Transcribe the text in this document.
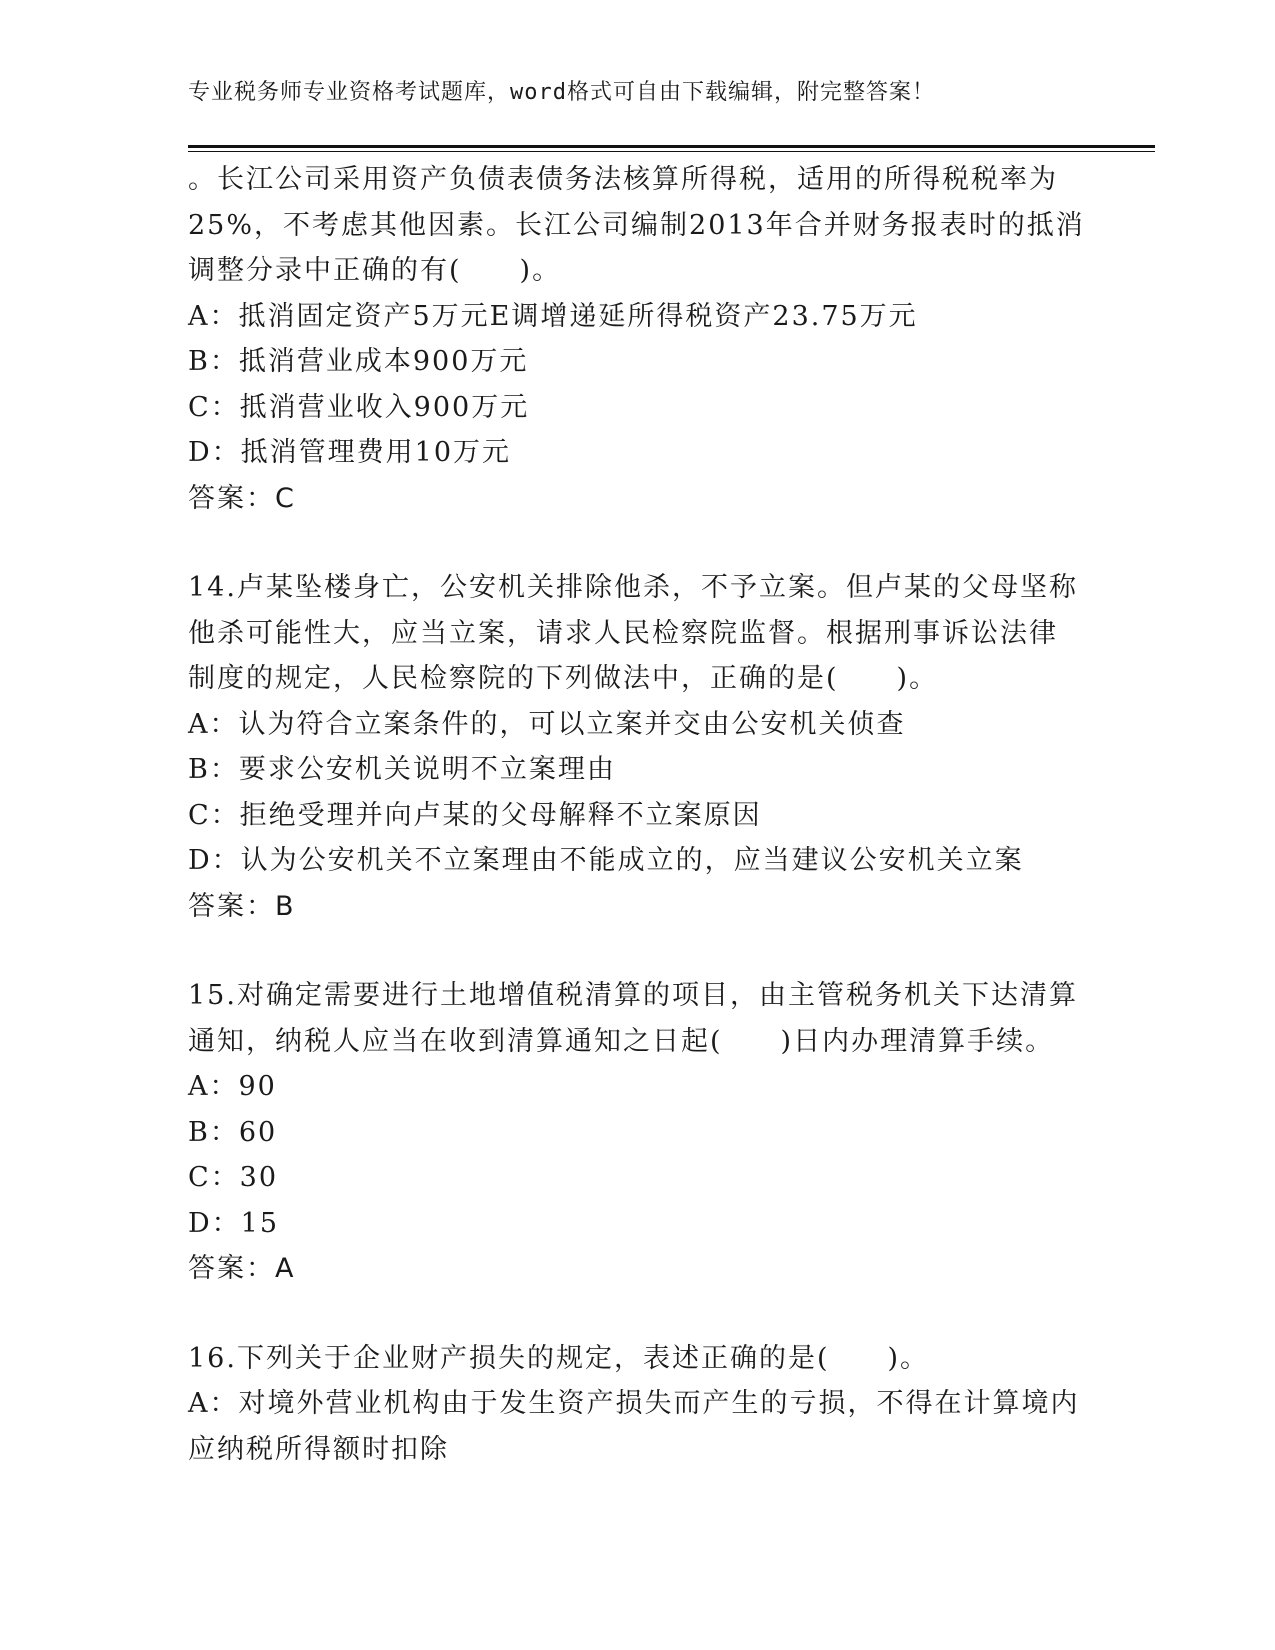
专业税务师专业资格考试题库，word格式可自由下载编辑，附完整答案！
。长江公司采用资产负债表债务法核算所得税，适用的所得税税率为
25%，不考虑其他因素。长江公司编制2013年合并财务报表时的抵消
调整分录中正确的有(　　)。
A：抵消固定资产5万元E调增递延所得税资产23.75万元
B：抵消营业成本900万元
C：抵消营业收入900万元
D：抵消管理费用10万元
答案：C
14.卢某坠楼身亡，公安机关排除他杀，不予立案。但卢某的父母坚称
他杀可能性大，应当立案，请求人民检察院监督。根据刑事诉讼法律
制度的规定，人民检察院的下列做法中，正确的是(　　)。
A：认为符合立案条件的，可以立案并交由公安机关侦查
B：要求公安机关说明不立案理由
C：拒绝受理并向卢某的父母解释不立案原因
D：认为公安机关不立案理由不能成立的，应当建议公安机关立案
答案：B
15.对确定需要进行土地增值税清算的项目，由主管税务机关下达清算
通知，纳税人应当在收到清算通知之日起(　　)日内办理清算手续。
A：90
B：60
C：30
D：15
答案：A
16.下列关于企业财产损失的规定，表述正确的是(　　)。
A：对境外营业机构由于发生资产损失而产生的亏损，不得在计算境内
应纳税所得额时扣除
